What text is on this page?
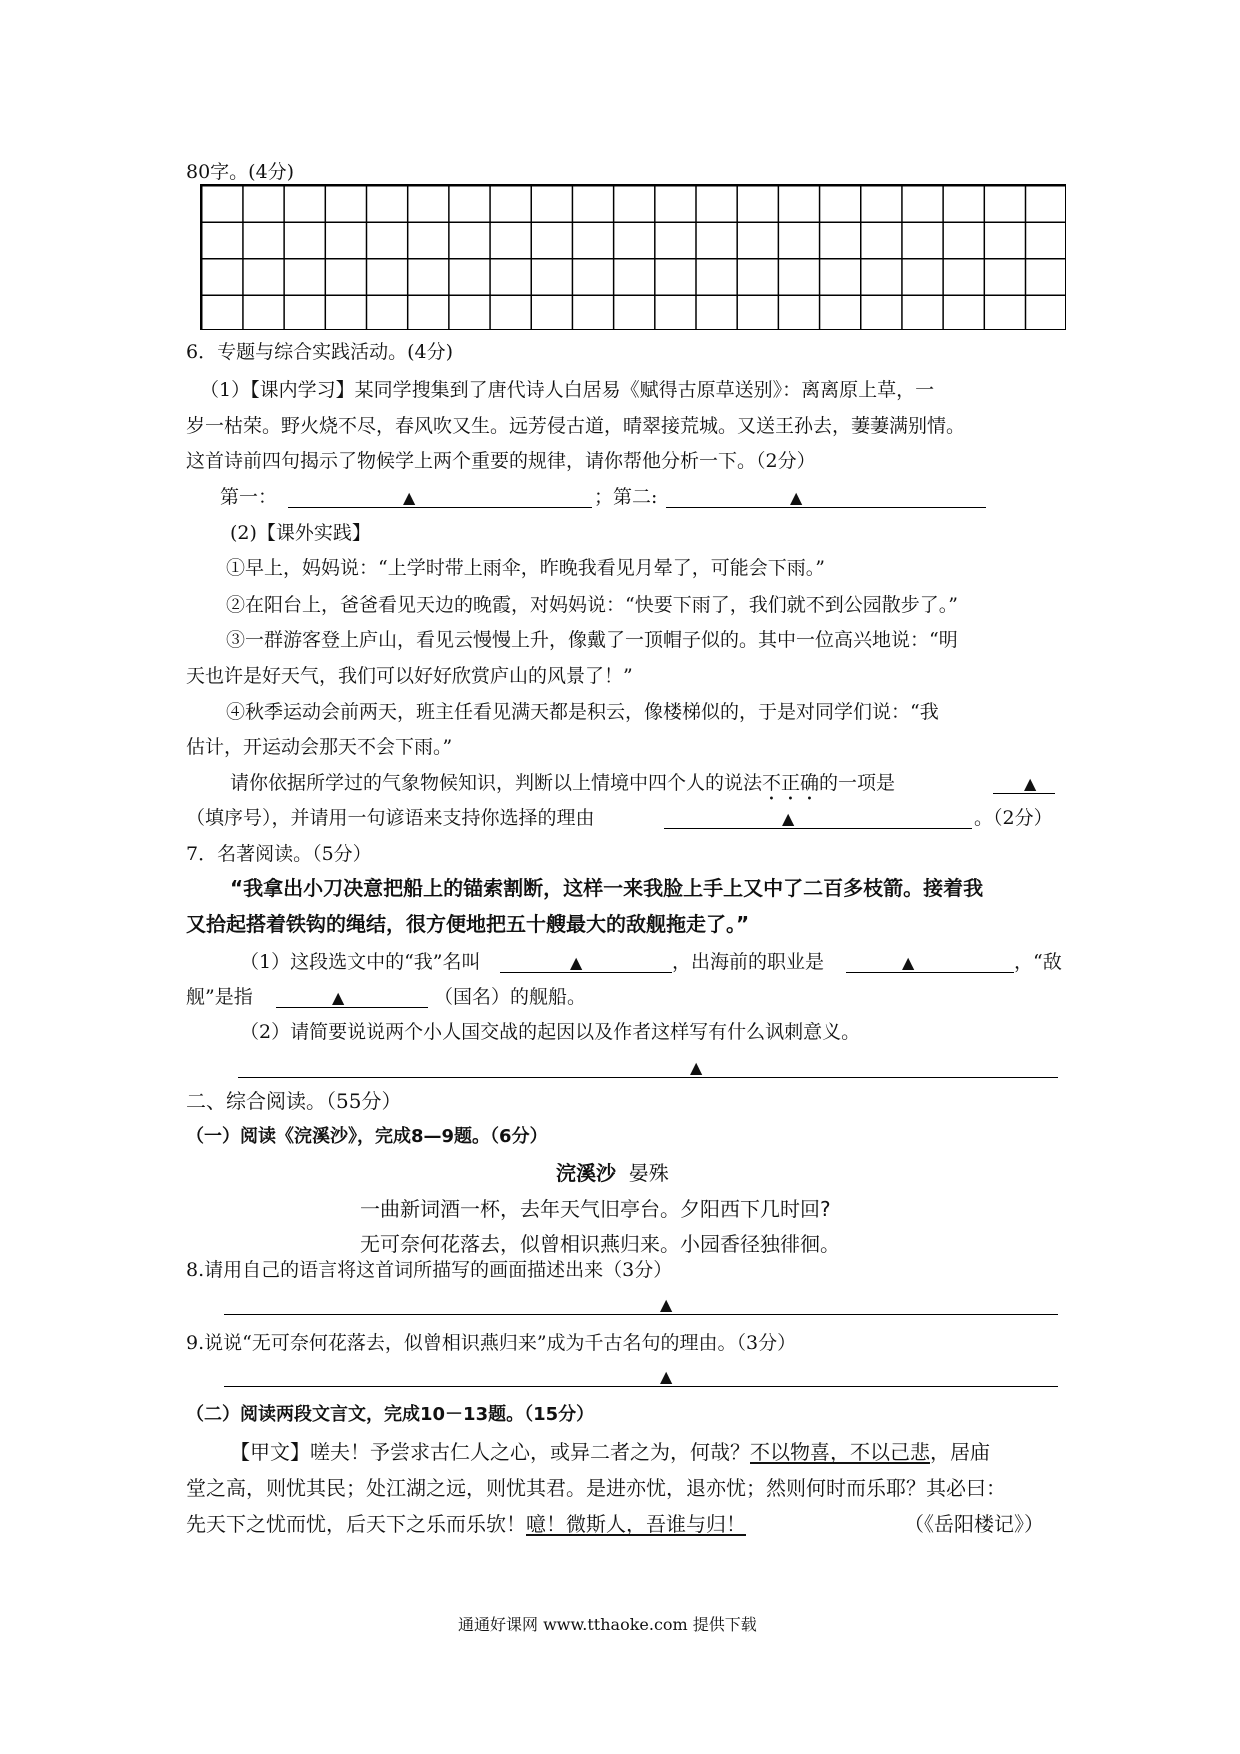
80字。(4分)
6．专题与综合实践活动。(4分)
（1）【课内学习】某同学搜集到了唐代诗人白居易《赋得古原草送别》：离离原上草，一
岁一枯荣。野火烧不尽，春风吹又生。远芳侵古道，晴翠接荒城。又送王孙去，萋萋满别情。
这首诗前四句揭示了物候学上两个重要的规律，请你帮他分析一下。（2分）
第一：	▲	；第二:	▲
(2)【课外实践】
①早上，妈妈说：“上学时带上雨伞，昨晚我看见月晕了，可能会下雨。”
②在阳台上，爸爸看见天边的晚霞，对妈妈说：“快要下雨了，我们就不到公园散步了。”
③一群游客登上庐山，看见云慢慢上升，像戴了一顶帽子似的。其中一位高兴地说：“明
天也许是好天气，我们可以好好欣赏庐山的风景了！”
④秋季运动会前两天，班主任看见满天都是积云，像楼梯似的，于是对同学们说：“我
估计，开运动会那天不会下雨。”
请你依据所学过的气象物候知识，判断以上情境中四个人的说法不正确的一项是	▲
（填序号），并请用一句谚语来支持你选择的理由	▲	。（2分）
7．名著阅读。（5分）
“我拿出小刀决意把船上的锚索割断，这样一来我脸上手上又中了二百多枝箭。接着我
又拾起搭着铁钩的绳结，很方便地把五十艘最大的敌舰拖走了。”
（1）这段选文中的“我”名叫	▲	，出海前的职业是	▲	，“敌
舰”是指	▲	（国名）的舰船。
（2）请简要说说两个小人国交战的起因以及作者这样写有什么讽刺意义。
▲
二、综合阅读。（55分）
（一）阅读《浣溪沙》，完成8—9题。（6分）
浣溪沙 晏殊
一曲新词酒一杯，去年天气旧亭台。夕阳西下几时回?
无可奈何花落去，似曾相识燕归来。小园香径独徘徊。
8.请用自己的语言将这首词所描写的画面描述出来（3分）
▲
9.说说“无可奈何花落去，似曾相识燕归来”成为千古名句的理由。（3分）
▲
（二）阅读两段文言文，完成10－13题。（15分）
【甲文】嗟夫！予尝求古仁人之心，或异二者之为，何哉？不以物喜，不以己悲，居庙
堂之高，则忧其民；处江湖之远，则忧其君。是进亦忧，退亦忧；然则何时而乐耶？其必曰：
先天下之忧而忧，后天下之乐而乐欤！噫！微斯人，吾谁与归！	（《岳阳楼记》）
通通好课网 www.tthaoke.com 提供下载
